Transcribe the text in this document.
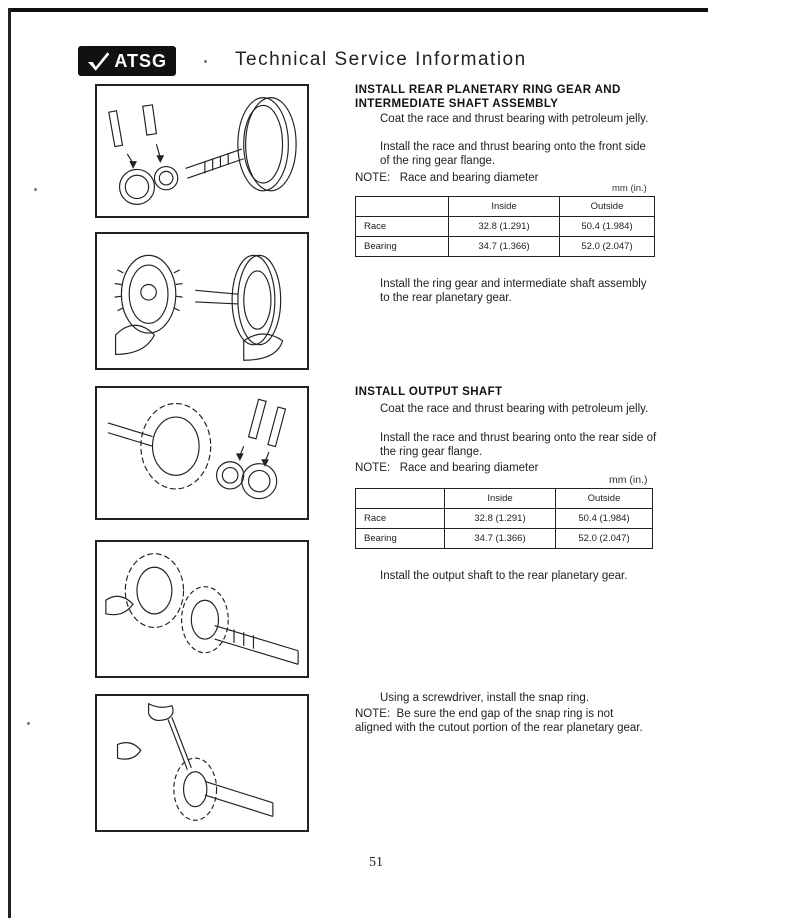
ATSG	Technical Service Information
INSTALL REAR PLANETARY RING GEAR AND
INTERMEDIATE SHAFT ASSEMBLY
Coat the race and thrust bearing with petroleum jelly.
Install the race and thrust bearing onto the front side of the ring gear flange.
NOTE: Race and bearing diameter
mm (in.)
	Inside	Outside
Race	32.8 (1.291)	50.4 (1.984)
Bearing	34.7 (1.366)	52.0 (2.047)
Install the ring gear and intermediate shaft assembly to the rear planetary gear.
INSTALL OUTPUT SHAFT
Coat the race and thrust bearing with petroleum jelly.
Install the race and thrust bearing onto the rear side of the ring gear flange.
NOTE: Race and bearing diameter
mm (in.)
	Inside	Outside
Race	32.8 (1.291)	50.4 (1.984)
Bearing	34.7 (1.366)	52.0 (2.047)
Install the output shaft to the rear planetary gear.
Using a screwdriver, install the snap ring.
NOTE: Be sure the end gap of the snap ring is not aligned with the cutout portion of the rear planetary gear.
51
